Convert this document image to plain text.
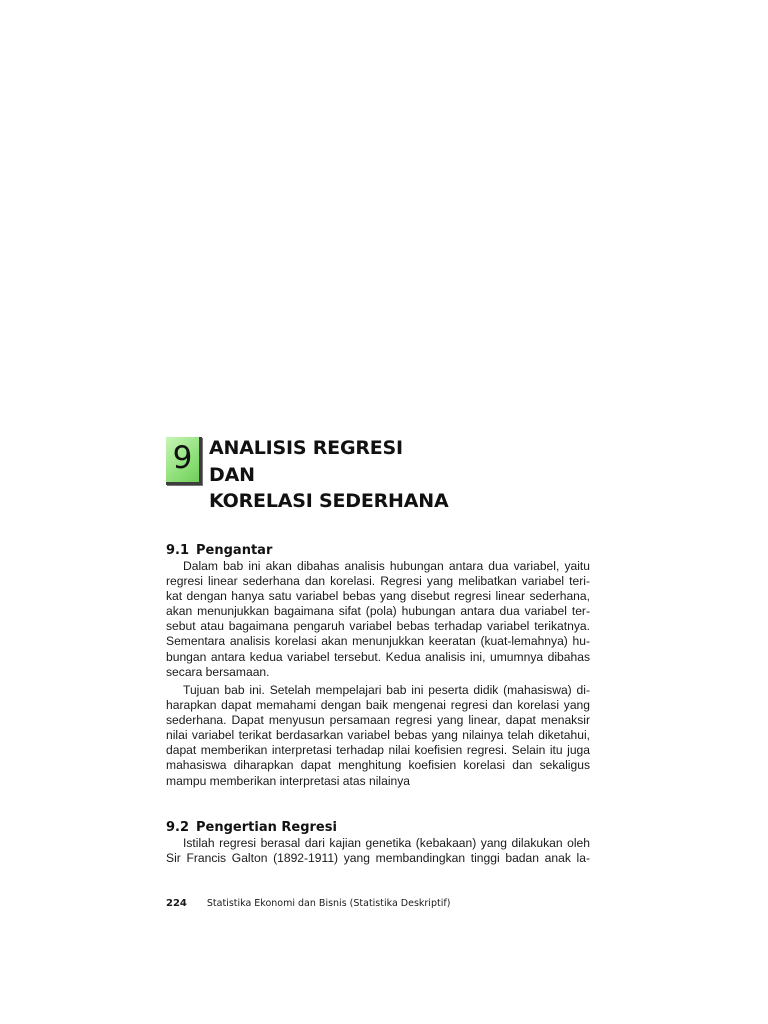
9 ANALISIS REGRESI
DAN
KORELASI SEDERHANA
9.1 Pengantar

Dalam bab ini akan dibahas analisis hubungan antara dua variabel, yaitu
regresi linear sederhana dan korelasi. Regresi yang melibatkan variabel teri-
kat dengan hanya satu variabel bebas yang disebut regresi linear sederhana,
akan menunjukkan bagaimana sifat (pola) hubungan antara dua variabel ter-
sebut atau bagaimana pengaruh variabel bebas terhadap variabel terikatnya.
Sementara analisis korelasi akan menunjukkan keeratan (kuat-lemahnya) hu-
bungan antara kedua variabel tersebut. Kedua analisis ini, umumnya dibahas
secara bersamaan.

Tujuan bab ini. Setelah mempelajari bab ini peserta didik (mahasiswa) di-
harapkan dapat memahami dengan baik mengenai regresi dan korelasi yang
sederhana. Dapat menyusun persamaan regresi yang linear, dapat menaksir
nilai variabel terikat berdasarkan variabel bebas yang nilainya telah diketahui,
dapat memberikan interpretasi terhadap nilai koefisien regresi. Selain itu juga
mahasiswa diharapkan dapat menghitung koefisien korelasi dan sekaligus
mampu memberikan interpretasi atas nilainya

9.2 Pengertian Regresi

Istilah regresi berasal dari kajian genetika (kebakaan) yang dilakukan oleh
Sir Francis Galton (1892-1911) yang membandingkan tinggi badan anak la-

224 Statistika Ekonomi dan Bisnis (Statistika Deskriptif)
